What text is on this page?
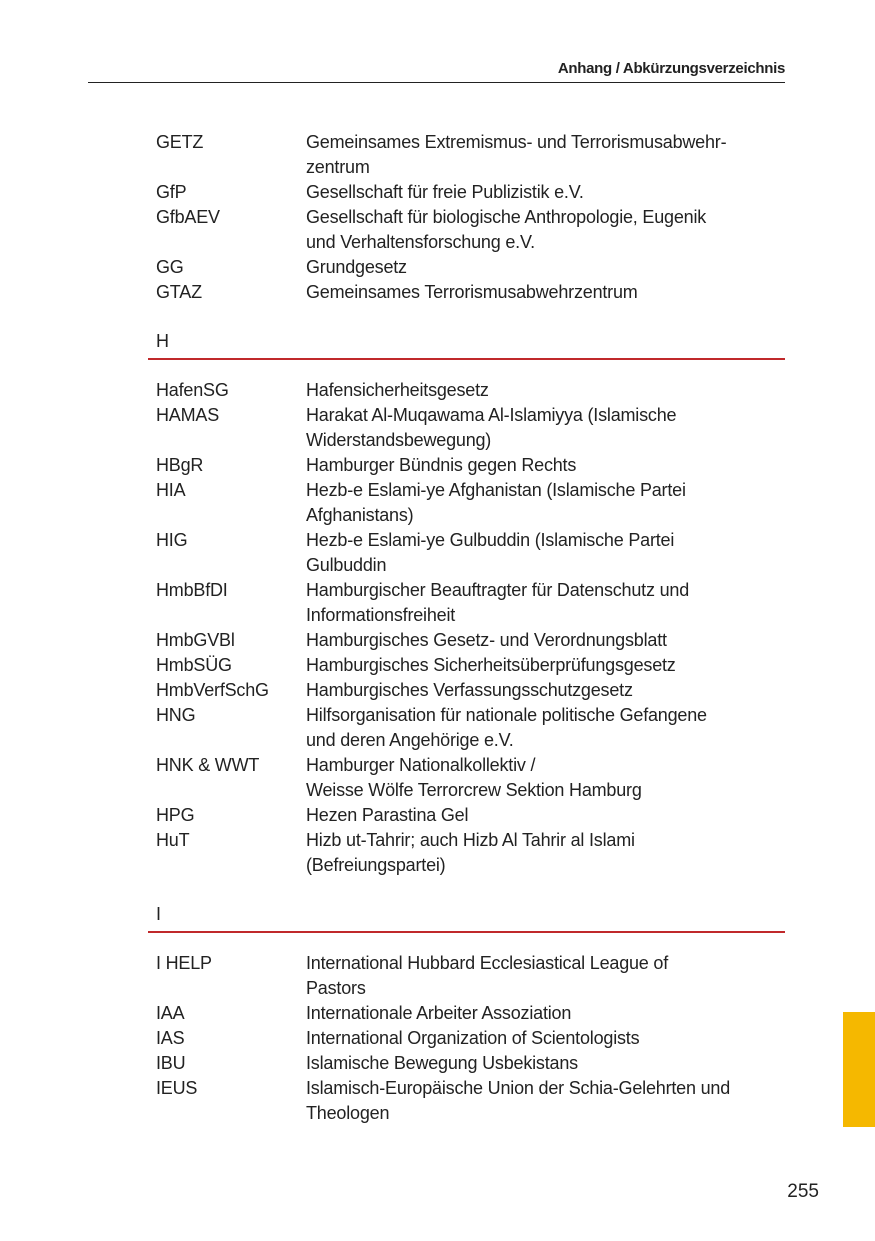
Anhang / Abkürzungsverzeichnis
GETZ	Gemeinsames Extremismus- und Terrorismusabwehr-
zentrum
GfP	Gesellschaft für freie Publizistik e.V.
GfbAEV	Gesellschaft für biologische Anthropologie, Eugenik
und Verhaltensforschung e.V.
GG	Grundgesetz
GTAZ	Gemeinsames Terrorismusabwehrzentrum
H
HafenSG	Hafensicherheitsgesetz
HAMAS	Harakat Al-Muqawama Al-Islamiyya (Islamische
Widerstandsbewegung)
HBgR	Hamburger Bündnis gegen Rechts
HIA	Hezb-e Eslami-ye Afghanistan (Islamische Partei
Afghanistans)
HIG	Hezb-e Eslami-ye Gulbuddin (Islamische Partei
Gulbuddin
HmbBfDI	Hamburgischer Beauftragter für Datenschutz und
Informationsfreiheit
HmbGVBl	Hamburgisches Gesetz- und Verordnungsblatt
HmbSÜG	Hamburgisches Sicherheitsüberprüfungsgesetz
HmbVerfSchG	Hamburgisches Verfassungsschutzgesetz
HNG	Hilfsorganisation für nationale politische Gefangene
und deren Angehörige e.V.
HNK & WWT	Hamburger Nationalkollektiv /
Weisse Wölfe Terrorcrew Sektion Hamburg
HPG	Hezen Parastina Gel
HuT	Hizb ut-Tahrir; auch Hizb Al Tahrir al Islami
(Befreiungspartei)
I
I HELP	International Hubbard Ecclesiastical League of
Pastors
IAA	Internationale Arbeiter Assoziation
IAS	International Organization of Scientologists
IBU	Islamische Bewegung Usbekistans
IEUS	Islamisch-Europäische Union der Schia-Gelehrten und
Theologen
255
